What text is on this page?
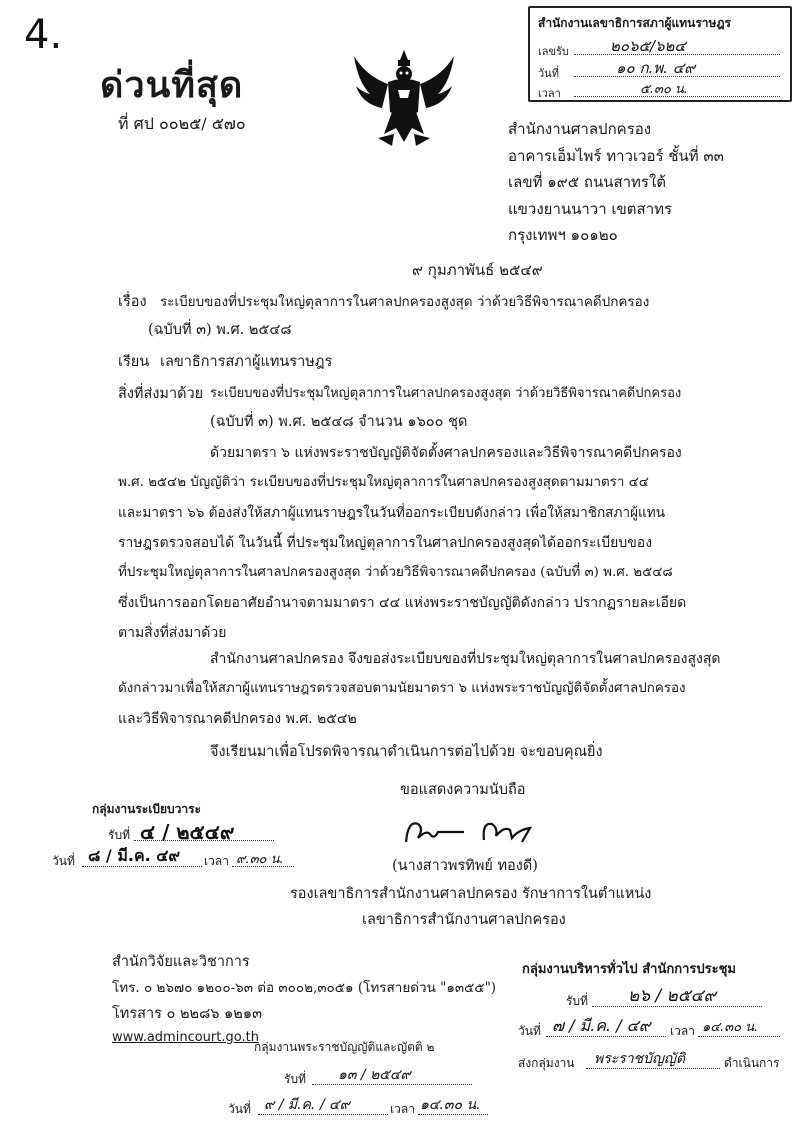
4.
ด่วนที่สุด
ที่ ศป ๐๐๒๕/ ๕๗๐
สำนักงานเลขาธิการสภาผู้แทนราษฎร
เลขรับ	๒๐๖๕/๖๒๔
วันที่	๑๐ ก.พ. ๔๙
เวลา	๕.๓๐ น.
สำนักงานศาลปกครอง
อาคารเอ็มไพร์ ทาวเวอร์ ชั้นที่ ๓๓
เลขที่ ๑๙๕ ถนนสาทรใต้
แขวงยานนาวา เขตสาทร
กรุงเทพฯ ๑๐๑๒๐
๙ กุมภาพันธ์ ๒๕๔๙
เรื่อง ระเบียบของที่ประชุมใหญ่ตุลาการในศาลปกครองสูงสุด ว่าด้วยวิธีพิจารณาคดีปกครอง
(ฉบับที่ ๓) พ.ศ. ๒๕๔๘
เรียน เลขาธิการสภาผู้แทนราษฎร
สิ่งที่ส่งมาด้วย ระเบียบของที่ประชุมใหญ่ตุลาการในศาลปกครองสูงสุด ว่าด้วยวิธีพิจารณาคดีปกครอง
(ฉบับที่ ๓) พ.ศ. ๒๕๔๘ จำนวน ๑๖๐๐ ชุด
ด้วยมาตรา ๖ แห่งพระราชบัญญัติจัดตั้งศาลปกครองและวิธีพิจารณาคดีปกครอง
พ.ศ. ๒๕๔๒ บัญญัติว่า ระเบียบของที่ประชุมใหญ่ตุลาการในศาลปกครองสูงสุดตามมาตรา ๔๔
และมาตรา ๖๖ ต้องส่งให้สภาผู้แทนราษฎรในวันที่ออกระเบียบดังกล่าว เพื่อให้สมาชิกสภาผู้แทน
ราษฎรตรวจสอบได้ ในวันนี้ ที่ประชุมใหญ่ตุลาการในศาลปกครองสูงสุดได้ออกระเบียบของ
ที่ประชุมใหญ่ตุลาการในศาลปกครองสูงสุด ว่าด้วยวิธีพิจารณาคดีปกครอง (ฉบับที่ ๓) พ.ศ. ๒๕๔๘
ซึ่งเป็นการออกโดยอาศัยอำนาจตามมาตรา ๔๔ แห่งพระราชบัญญัติดังกล่าว ปรากฏรายละเอียด
ตามสิ่งที่ส่งมาด้วย
สำนักงานศาลปกครอง จึงขอส่งระเบียบของที่ประชุมใหญ่ตุลาการในศาลปกครองสูงสุด
ดังกล่าวมาเพื่อให้สภาผู้แทนราษฎรตรวจสอบตามนัยมาตรา ๖ แห่งพระราชบัญญัติจัดตั้งศาลปกครอง
และวิธีพิจารณาคดีปกครอง พ.ศ. ๒๕๔๒
จึงเรียนมาเพื่อโปรดพิจารณาดำเนินการต่อไปด้วย จะขอบคุณยิ่ง
ขอแสดงความนับถือ
(นางสาวพรทิพย์ ทองดี)
รองเลขาธิการสำนักงานศาลปกครอง รักษาการในตำแหน่ง
เลขาธิการสำนักงานศาลปกครอง
กลุ่มงานระเบียบวาระ
รับที่ ๔ / ๒๕๔๙
วันที่ ๘ / มี.ค. ๔๙ เวลา ๙.๓๐ น.
สำนักวิจัยและวิชาการ
โทร. ๐ ๒๖๗๐ ๑๒๐๐-๖๓ ต่อ ๓๐๐๒,๓๐๕๑ (โทรสายด่วน "๑๓๕๕")
โทรสาร ๐ ๒๒๘๖ ๑๒๑๓
www.admincourt.go.th
กลุ่มงานพระราชบัญญัติและญัตติ ๒
รับที่ ๑๓ / ๒๕๔๙
วันที่ ๙ / มี.ค. / ๔๙	เวลา ๑๔.๓๐ น.
กลุ่มงานบริหารทั่วไป สำนักการประชุม
รับที่ ๒๖ / ๒๕๔๙
วันที่ ๗ / มี.ค. / ๔๙ เวลา ๑๔.๓๐ น.
ส่งกลุ่มงาน พระราชบัญญัติ	ดำเนินการ
